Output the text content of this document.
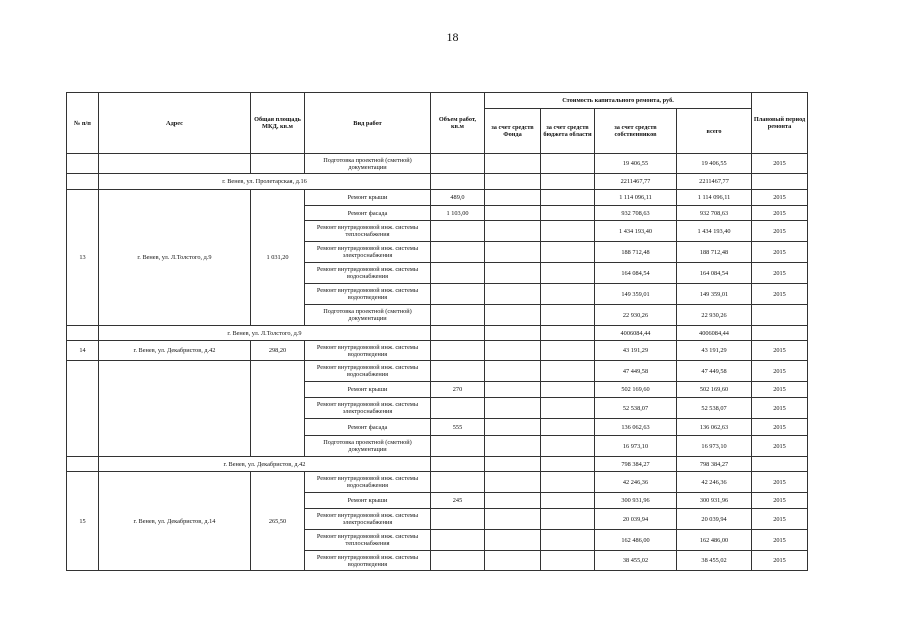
18
№ п/п	Адрес	Общая площадь МКД, кв.м	Вид работ	Объем работ, кв.м	Стоимость капитального ремонта, руб.				Плановый период ремонта
					за счет средств Фонда	за счет средств бюджета области	за счет средств собственников	всего	
			Подготовка проектной (сметной) документации				19 406,55	19 406,55	2015
	г. Венев, ул. Пролетарская, д.16						2211467,77	2211467,77	
13	г. Венев, ул. Л.Толстого, д.9	1 031,20	Ремонт крыши	489,0			1 114 096,11	1 114 096,11	2015
			Ремонт фасада	1 103,00			932 708,63	932 708,63	2015
			Ремонт внутридомовой инж. системы теплоснабжения				1 434 193,40	1 434 193,40	2015
			Ремонт внутридомовой инж. системы электроснабжения				188 712,48	188 712,48	2015
			Ремонт внутридомовой инж. системы водоснабжения				164 084,54	164 084,54	2015
			Ремонт внутридомовой инж. системы водоотведения				149 359,01	149 359,01	2015
			Подготовка проектной (сметной) документации				22 930,26	22 930,26	
	г. Венев, ул. Л.Толстого, д.9						4006084,44	4006084,44	
14	г. Венев, ул. Декабристов, д.42	298,20	Ремонт внутридомовой инж. системы водоотведения				43 191,29	43 191,29	2015
			Ремонт внутридомовой инж. системы водоснабжения				47 449,58	47 449,58	2015
			Ремонт крыши	270			502 169,60	502 169,60	2015
			Ремонт внутридомовой инж. системы электроснабжения				52 538,07	52 538,07	2015
			Ремонт фасада	555			136 062,63	136 062,63	2015
			Подготовка проектной (сметной) документации				16 973,10	16 973,10	2015
	г. Венев, ул. Декабристов, д.42						798 384,27	798 384,27	
15	г. Венев, ул. Декабристов, д.14	265,50	Ремонт внутридомовой инж. системы водоснабжения				42 246,36	42 246,36	2015
			Ремонт крыши	245			300 931,96	300 931,96	2015
			Ремонт внутридомовой инж. системы электроснабжения				20 039,94	20 039,94	2015
			Ремонт внутридомовой инж. системы теплоснабжения				162 486,00	162 486,00	2015
			Ремонт внутридомовой инж. системы водоотведения				38 455,02	38 455,02	2015
